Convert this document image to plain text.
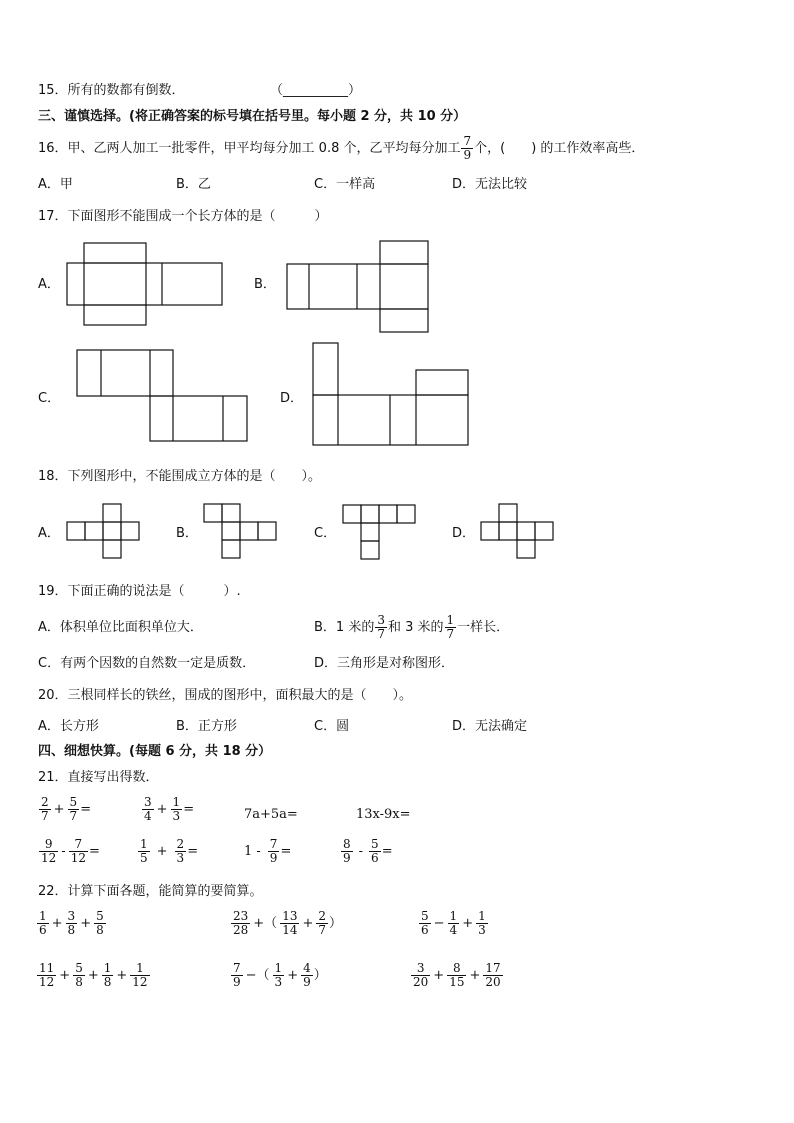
15．所有的数都有倒数．	（__________）
三、谨慎选择。(将正确答案的标号填在括号里。每小题 2 分，共 10 分）
16．甲、乙两人加工一批零件，甲平均每分加工 0.8 个，乙平均每分加工 $\frac{7}{9}$ 个，(　　) 的工作效率高些．
A．甲	B．乙	C．一样高	D．无法比较
17．下面图形不能围成一个长方体的是（　　　）
A．	B．
C．	D．
18．下列图形中，不能围成立方体的是（　　）。
A．	B．	C．	D．
19．下面正确的说法是（　　　）.
A．体积单位比面积单位大．	B．1 米的 $\frac{3}{7}$ 和 3 米的 $\frac{1}{7}$ 一样长．
C．有两个因数的自然数一定是质数．	D．三角形是对称图形．
20．三根同样长的铁丝，围成的图形中，面积最大的是（　　）。
A．长方形	B．正方形	C．圆	D．无法确定
四、细想快算。(每题 6 分，共 18 分）
21．直接写出得数．
$\frac{2}{7} + \frac{5}{7}$ =	$\frac{3}{4} + \frac{1}{3}$ =	7a+5a=	13x-9x=
$\frac{9}{12} - \frac{7}{12}$ =	$\frac{1}{5} + \frac{2}{3}$ =	$1 - \frac{7}{9}$ =	$\frac{8}{9} - \frac{5}{6}$ =
22．计算下面各题，能简算的要简算。
$\frac{1}{6} + \frac{3}{8} + \frac{5}{8}$	$\frac{23}{28}$ +（ $\frac{13}{14} + \frac{2}{7}$ ）	$\frac{5}{6} - \frac{1}{4} + \frac{1}{3}$
$\frac{11}{12} + \frac{5}{8} + \frac{1}{8} + \frac{1}{12}$	$\frac{7}{9}$ −（ $\frac{1}{3} + \frac{4}{9}$ ）	$\frac{3}{20} + \frac{8}{15} + \frac{17}{20}$
